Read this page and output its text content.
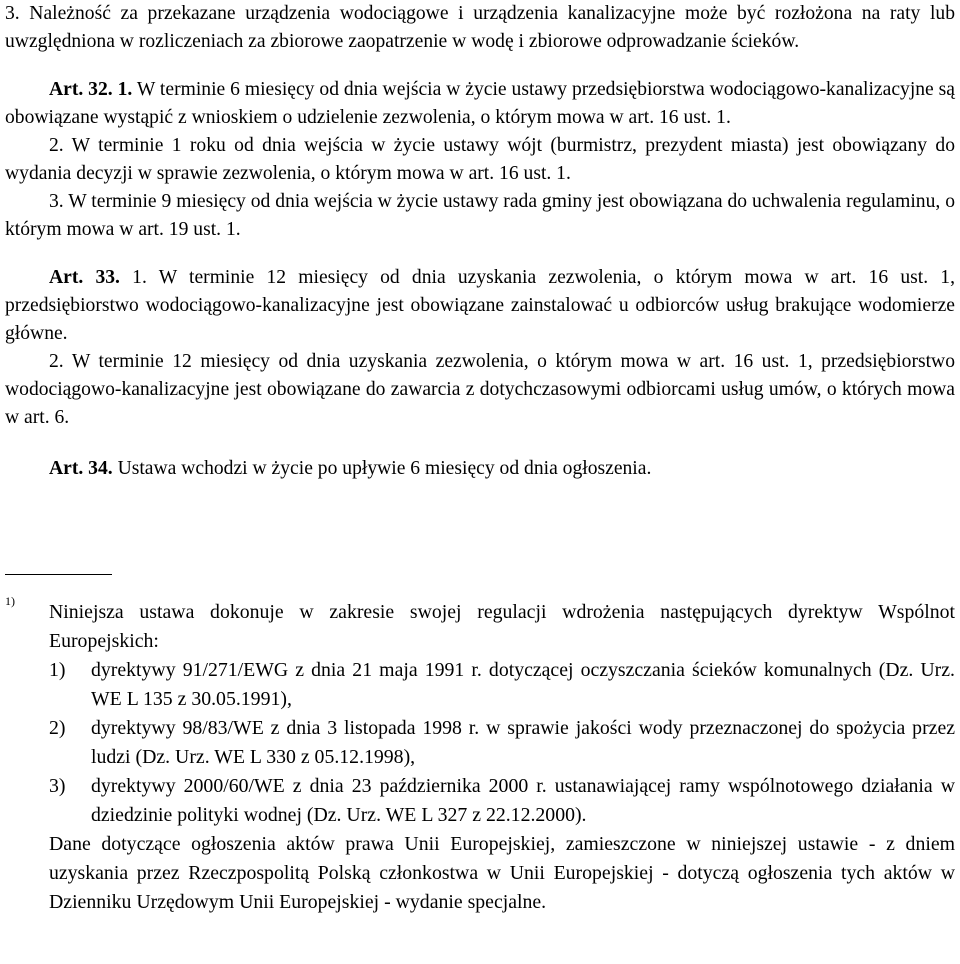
3. Należność za przekazane urządzenia wodociągowe i urządzenia kanalizacyjne może być rozłożona na raty lub uwzględniona w rozliczeniach za zbiorowe zaopatrzenie w wodę i zbiorowe odprowadzanie ścieków.

Art. 32. 1. W terminie 6 miesięcy od dnia wejścia w życie ustawy przedsiębiorstwa wodociągowo-kanalizacyjne są obowiązane wystąpić z wnioskiem o udzielenie zezwolenia, o którym mowa w art. 16 ust. 1.

2. W terminie 1 roku od dnia wejścia w życie ustawy wójt (burmistrz, prezydent miasta) jest obowiązany do wydania decyzji w sprawie zezwolenia, o którym mowa w art. 16 ust. 1.

3. W terminie 9 miesięcy od dnia wejścia w życie ustawy rada gminy jest obowiązana do uchwalenia regulaminu, o którym mowa w art. 19 ust. 1.

Art. 33. 1. W terminie 12 miesięcy od dnia uzyskania zezwolenia, o którym mowa w art. 16 ust. 1, przedsiębiorstwo wodociągowo-kanalizacyjne jest obowiązane zainstalować u odbiorców usług brakujące wodomierze główne.

2. W terminie 12 miesięcy od dnia uzyskania zezwolenia, o którym mowa w art. 16 ust. 1, przedsiębiorstwo wodociągowo-kanalizacyjne jest obowiązane do zawarcia z dotychczasowymi odbiorcami usług umów, o których mowa w art. 6.

Art. 34. Ustawa wchodzi w życie po upływie 6 miesięcy od dnia ogłoszenia.

1) Niniejsza ustawa dokonuje w zakresie swojej regulacji wdrożenia następujących dyrektyw Wspólnot Europejskich:
1) dyrektywy 91/271/EWG z dnia 21 maja 1991 r. dotyczącej oczyszczania ścieków komunalnych (Dz. Urz. WE L 135 z 30.05.1991),
2) dyrektywy 98/83/WE z dnia 3 listopada 1998 r. w sprawie jakości wody przeznaczonej do spożycia przez ludzi (Dz. Urz. WE L 330 z 05.12.1998),
3) dyrektywy 2000/60/WE z dnia 23 października 2000 r. ustanawiającej ramy wspólnotowego działania w dziedzinie polityki wodnej (Dz. Urz. WE L 327 z 22.12.2000).
Dane dotyczące ogłoszenia aktów prawa Unii Europejskiej, zamieszczone w niniejszej ustawie - z dniem uzyskania przez Rzeczpospolitą Polską członkostwa w Unii Europejskiej - dotyczą ogłoszenia tych aktów w Dzienniku Urzędowym Unii Europejskiej - wydanie specjalne.
